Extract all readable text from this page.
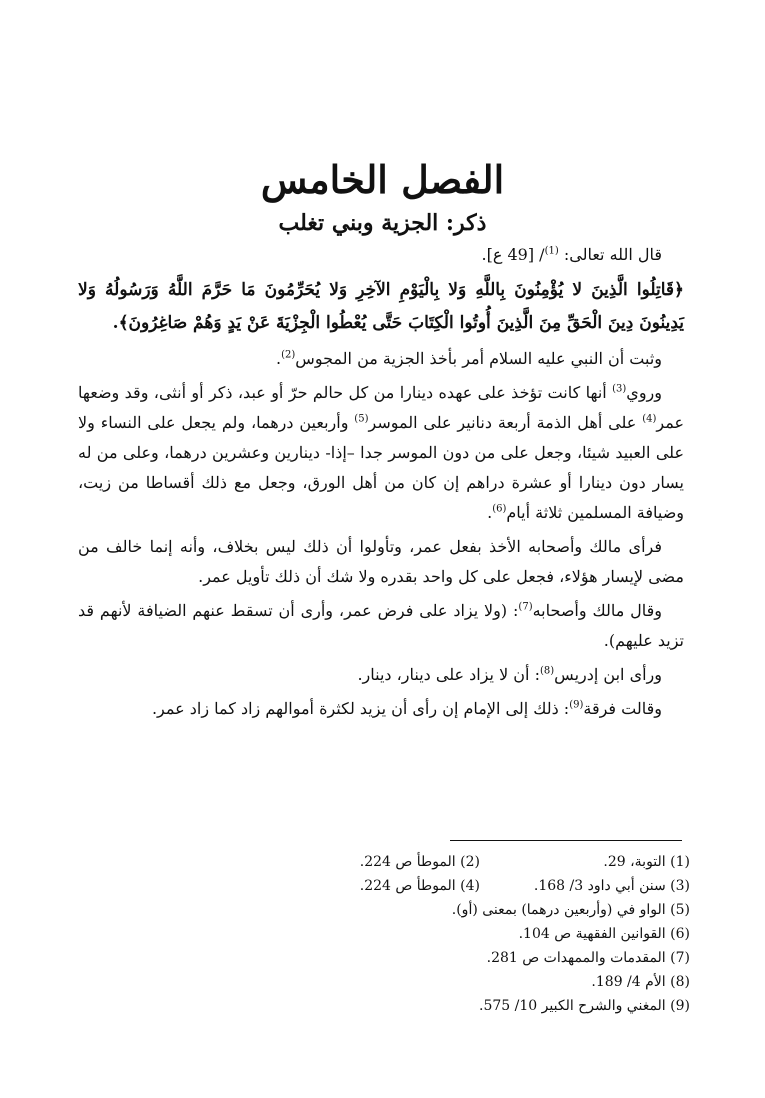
الفصل الخامس
ذكر: الجزية وبني تغلب

قال الله تعالى: $^{(1)}$/ [49 ع].

﴿قَاتِلُوا الَّذِينَ لا يُؤْمِنُونَ بِاللَّهِ وَلا بِالْيَوْمِ الآخِرِ وَلا يُحَرِّمُونَ مَا حَرَّمَ اللَّهُ وَرَسُولُهُ وَلا يَدِينُونَ دِينَ الْحَقِّ مِنَ الَّذِينَ أُوتُوا الْكِتَابَ حَتَّى يُعْطُوا الْجِزْيَةَ عَنْ يَدٍ وَهُمْ صَاغِرُونَ﴾.

وثبت أن النبي عليه السلام أمر بأخذ الجزية من المجوس$^{(2)}$.

وروي$^{(3)}$ أنها كانت تؤخذ على عهده دينارا من كل حالم حرّ أو عبد، ذكر أو أنثى، وقد وضعها عمر$^{(4)}$ على أهل الذمة أربعة دنانير على الموسر$^{(5)}$ وأربعين درهما، ولم يجعل على النساء ولا على العبيد شيئا، وجعل على من دون الموسر جدا –إذا- دينارين وعشرين درهما، وعلى من له يسار دون دينارا أو عشرة دراهم إن كان من أهل الورق، وجعل مع ذلك أقساطا من زيت، وضيافة المسلمين ثلاثة أيام$^{(6)}$.

فرأى مالك وأصحابه الأخذ بفعل عمر، وتأولوا أن ذلك ليس بخلاف، وأنه إنما خالف من مضى لإيسار هؤلاء، فجعل على كل واحد بقدره ولا شك أن ذلك تأويل عمر.

وقال مالك وأصحابه$^{(7)}$: (ولا يزاد على فرض عمر، وأرى أن تسقط عنهم الضيافة لأنهم قد تزيد عليهم).

ورأى ابن إدريس$^{(8)}$: أن لا يزاد على دينار، دينار.

وقالت فرقة$^{(9)}$: ذلك إلى الإمام إن رأى أن يزيد لكثرة أموالهم زاد كما زاد عمر.

(1) التوبة، 29.
(2) الموطأ ص 224.
(3) سنن أبي داود 3/ 168.
(4) الموطأ ص 224.
(5) الواو في (وأربعين درهما) بمعنى (أو).
(6) القوانين الفقهية ص 104.
(7) المقدمات والممهدات ص 281.
(8) الأم 4/ 189.
(9) المغني والشرح الكبير 10/ 575.
